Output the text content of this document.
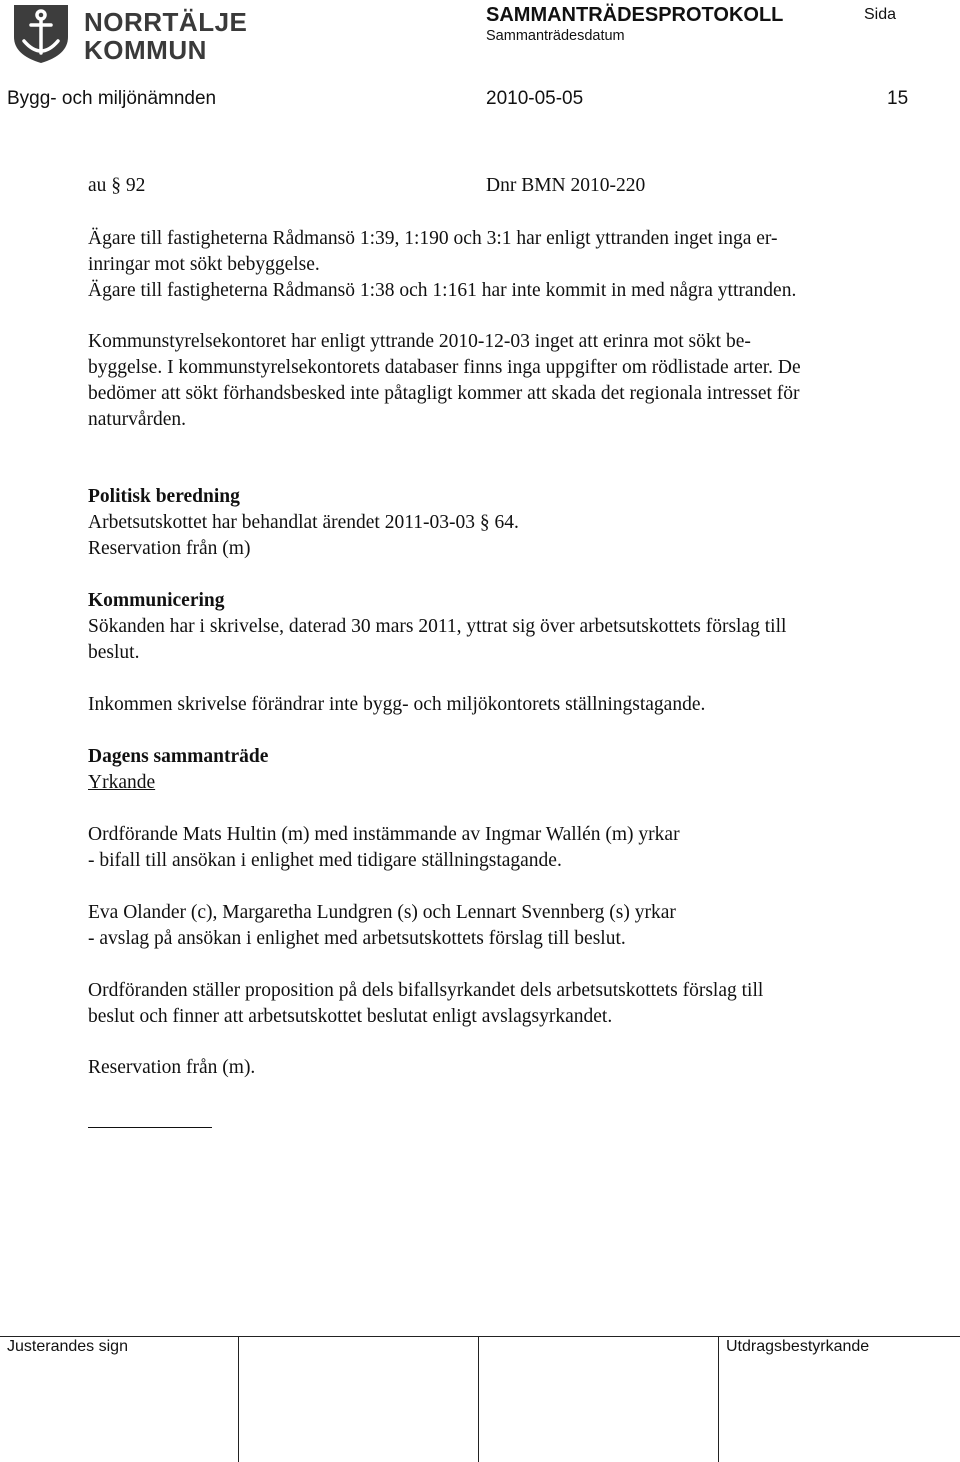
NORRTÄLJE
KOMMUN
SAMMANTRÄDESPROTOKOLL
Sammanträdesdatum
Sida
Bygg- och miljönämnden	2010-05-05	15
au § 92	Dnr BMN 2010-220
Ägare till fastigheterna Rådmansö 1:39, 1:190 och 3:1 har enligt yttranden inget inga er-
inringar mot sökt bebyggelse.
Ägare till fastigheterna Rådmansö 1:38 och 1:161 har inte kommit in med några yttranden.
Kommunstyrelsekontoret har enligt yttrande 2010-12-03 inget att erinra mot sökt be-
byggelse. I kommunstyrelsekontorets databaser finns inga uppgifter om rödlistade arter. De
bedömer att sökt förhandsbesked inte påtagligt kommer att skada det regionala intresset för
naturvården.
Politisk beredning
Arbetsutskottet har behandlat ärendet 2011-03-03 § 64.
Reservation från (m)
Kommunicering
Sökanden har i skrivelse, daterad 30 mars 2011, yttrat sig över arbetsutskottets förslag till
beslut.
Inkommen skrivelse förändrar inte bygg- och miljökontorets ställningstagande.
Dagens sammanträde
Yrkande
Ordförande Mats Hultin (m) med instämmande av Ingmar Wallén (m) yrkar
- bifall till ansökan i enlighet med tidigare ställningstagande.
Eva Olander (c), Margaretha Lundgren (s) och Lennart Svennberg (s) yrkar
- avslag på ansökan i enlighet med arbetsutskottets förslag till beslut.
Ordföranden ställer proposition på dels bifallsyrkandet dels arbetsutskottets förslag till
beslut och finner att arbetsutskottet beslutat enligt avslagsyrkandet.
Reservation från (m).
Justerandes sign	Utdragsbestyrkande
